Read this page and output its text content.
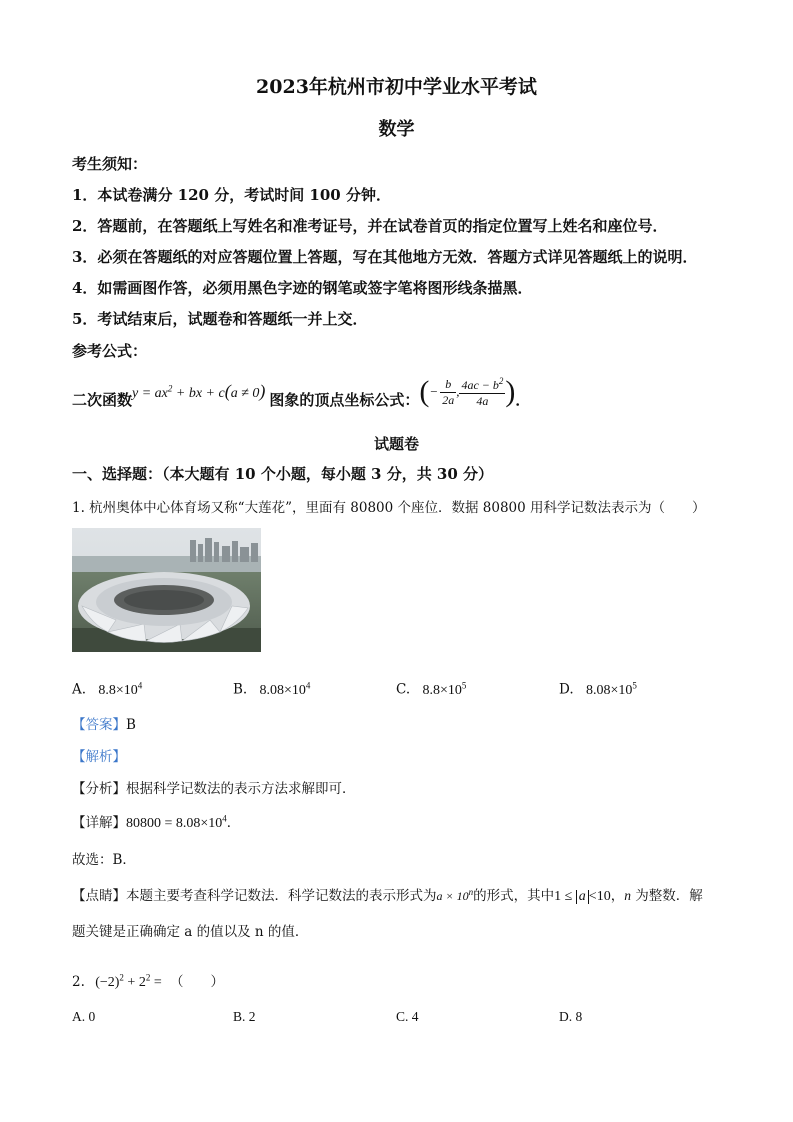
2023年杭州市初中学业水平考试
数学
考生须知：
1．本试卷满分 120 分，考试时间 100 分钟．
2．答题前，在答题纸上写姓名和准考证号，并在试卷首页的指定位置写上姓名和座位号．
3．必须在答题纸的对应答题位置上答题，写在其他地方无效．答题方式详见答题纸上的说明．
4．如需画图作答，必须用黑色字迹的钢笔或签字笔将图形线条描黑．
5．考试结束后，试题卷和答题纸一并上交．
参考公式：
二次函数 $y = ax^2$ + bx + c(a ≠ 0) 图象的顶点坐标公式： ( − $\frac{b}{2a}$ , $\frac{4ac - b^2}{4a}$ ) ．
试题卷
一、选择题：（本大题有 10 个小题，每小题 3 分，共 30 分）
1. 杭州奥体中心体育场又称“大莲花”，里面有 80800 个座位．数据 80800 用科学记数法表示为（　　）
A. $8.8\times 10^4$	B. $8.08\times 10^4$	C. $8.8\times 10^5$	D. $8.08\times 10^5$
【答案】B
【解析】
【分析】根据科学记数法的表示方法求解即可．
【详解】$80800 = 8.08\times 10^4$．
故选：B．
【点睛】本题主要考查科学记数法．科学记数法的表示形式为$a \times 10^n$的形式，其中1 ≤ a <10，n 为整数．解
题关键是正确确定 a 的值以及 n 的值．
2. $(-2)^2 + 2^2$ = （　　）
A. 0	B. 2	C. 4	D. 8
